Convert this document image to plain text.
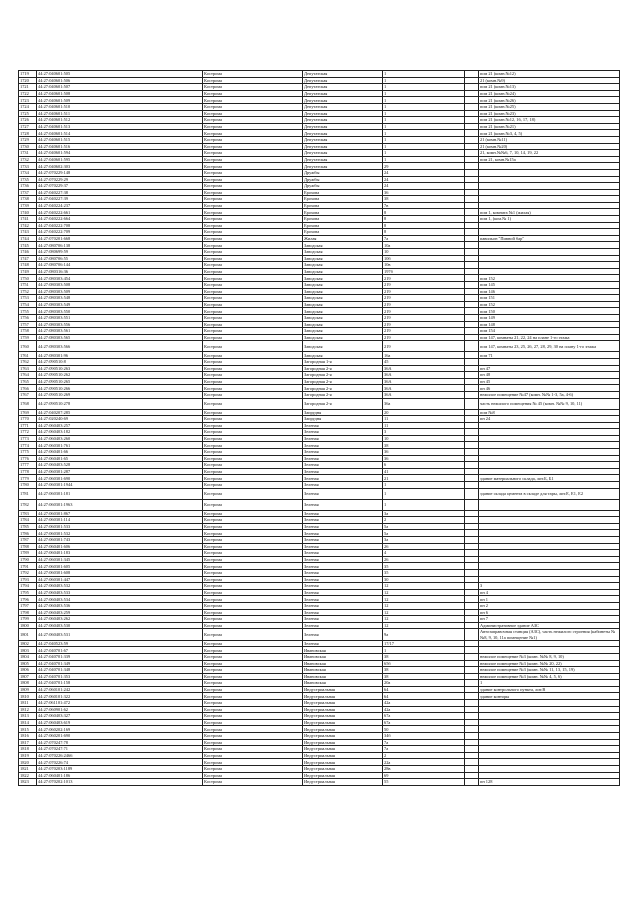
1719	44:27:040601:505	Кострома	Депутатская	1		пом 21 (комн.№12)
1720	44:27:040601:506	Кострома	Депутатская	1		21 (комн.№9)
1721	44:27:040601:507	Кострома	Депутатская	1		пом 21 (комн.№13)
1722	44:27:040601:508	Кострома	Депутатская	1		пом 21 (комн.№24)
1723	44:27:040601:509	Кострома	Депутатская	1		пом 21 (комн.№26)
1724	44:27:040601:510	Кострома	Депутатская	1		пом 21 (комн.№25)
1725	44:27:040601:511	Кострома	Депутатская	1		пом 21 (комн.№23)
1726	44:27:040601:512	Кострома	Депутатская	1		пом 21 (комн.№12, 16, 17, 18)
1727	44:27:040601:513	Кострома	Депутатская	1		пом 21 (комн.№21)
1728	44:27:040601:514	Кострома	Депутатская	1		пом 21 (комн.№3, 4, 5)
1729	44:27:040601:515	Кострома	Депутатская	1		21 (комн.№11)
1730	44:27:040601:516	Кострома	Депутатская	1		21 (комн.№20)
1731	44:27:040601:594	Кострома	Депутатская	1		21, комн.№№6, 7, 10, 14, 19, 22
1732	44:27:040601:595	Кострома	Депутатская	1		пом 21, комн.№15а
1733	44:27:040602:303	Кострома	Депутатская	29		
1734	44:27:070229:148	Кострома	Дружбы	24		
1735	44:27:070229:29	Кострома	Дружбы	24		
1736	44:27:070229:37	Кострома	Дружбы	24		
1737	44:27:040227:38	Кострома	Ерохова	36		
1738	44:27:040227:39	Кострома	Ерохова	38		
1739	44:27:040224:237	Кострома	Ерохова	7в		
1740	44:27:040222:661	Кострома	Ерохова	8		пом 1, комната №1 (жилая)
1741	44:27:040222:664	Кострома	Ерохова	8		пом 1, (ком.№ 1)
1742	44:27:040222:708	Кострома	Ерохова	8		
1743	44:27:040222:709	Кострома	Ерохова	8		
1744	44:27:070201:668	Кострома	Жилая	7а		павильон "Пивной бар"
1745	44:27:080706:138	Кострома	Заводская	10а		
1746	44:27:080699:59	Кострома	Заводская	10		
1747	44:27:080706:55	Кострома	Заводская	10б		
1748	44:27:080706:144	Кострома	Заводская	10в		
1749	44:27:080316:36	Кострома	Заводская	197б		
1750	44:27:080303:454	Кострома	Заводская	219		пом 152
1751	44:27:080303:508	Кострома	Заводская	219		пом 145
1752	44:27:080303:509	Кострома	Заводская	219		пом 146
1753	44:27:080303:548	Кострома	Заводская	219		пом 151
1754	44:27:080303:549	Кострома	Заводская	219		пом 152
1755	44:27:080303:550	Кострома	Заводская	219		пом 150
1756	44:27:080303:551	Кострома	Заводская	219		пом 149
1757	44:27:080303:556	Кострома	Заводская	219		пом 148
1758	44:27:080303:561	Кострома	Заводская	219		пом 154
1759	44:27:080303:565	Кострома	Заводская	219		пом 147, комнаты 21, 22, 24 на плане 1-го этажа
1760	44:27:080303:566	Кострома	Заводская	219		пом 147, комнаты 23, 25, 26, 27, 28, 29, 30 на плану 1-го этажа
1761	44:27:080301:96	Кострома	Заводская	16а		пом 71
1762	44:27:090510:8	Кострома	Загородная 1-я	45		
1763	44:27:090510:263	Кострома	Загородная 2-я	36А		пн 47
1764	44:27:090510:262	Кострома	Загородная 2-я	36А		пн 48
1765	44:27:090510:265	Кострома	Загородная 2-я	36А		пн 45
1766	44:27:090510:266	Кострома	Загородная 2-я	36А		пн 46
1767	44:27:090510:269	Кострома	Загородная 2-я	36А		нежилое помещение №47 (комн. №№ 1-3, 5а, 4-6)
1768	44:27:090510:278	Кострома	Загородная 2-я	36а		часть нежилого помещения № 45 (комн. №№ 9, 10, 11)
1769	44:27:040207:285	Кострома	Запрудня	20		пом №8
1770	44:27:020240:69	Кострома	Запрудня	11		пн 24
1771	44:27:060403:257	Кострома	Зеленая	11		
1772	44:27:060403:182	Кострома	Зеленая	3		
1773	44:27:060403:260	Кострома	Зеленая	10		
1774	44:27:060301:761	Кострома	Зеленая	38		
1775	44:27:060401:66	Кострома	Зеленая	36		
1776	44:27:060401:65	Кострома	Зеленая	36		
1777	44:27:060403:528	Кострома	Зеленая	6		
1778	44:27:060301:287	Кострома	Зеленая	41		
1779	44:27:060301:690	Кострома	Зеленая	21		здание материального склада, лит.Б, Б1
1780	44:27:060301:1944	Кострома	Зеленая	1		
1781	44:27:060301:181	Кострома	Зеленая	1		здание склада цемента в складе для тары, лит.Е, Е1, Е2
1782	44:27:060301:1963	Кострома	Зеленая	1		
1783	44:27:060301:867	Кострома	Зеленая	3а		
1784	44:27:060301:114	Кострома	Зеленая	2		
1785	44:27:060301:533	Кострома	Зеленая	5а		
1786	44:27:060301:532	Кострома	Зеленая	5а		
1787	44:27:060301:743	Кострома	Зеленая	3а		
1788	44:27:060401:606	Кострома	Зеленая	26		
1789	44:27:060401:183	Кострома	Зеленая	4		
1790	44:27:060301:345	Кострома	Зеленая	26		
1791	44:27:060301:605	Кострома	Зеленая	35		
1792	44:27:060301:608	Кострома	Зеленая	35		
1793	44:27:060301:447	Кострома	Зеленая	30		
1794	44:27:060403:532	Кострома	Зеленая	12		3
1795	44:27:060403:533	Кострома	Зеленая	12		пн 4
1796	44:27:060403:534	Кострома	Зеленая	12		пн 1
1797	44:27:060403:536	Кострома	Зеленая	12		пн 2
1798	44:27:060403:259	Кострома	Зеленая	12		пн 6
1799	44:27:060403:262	Кострома	Зеленая	12		пн 7
1800	44:27:060403:530	Кострома	Зеленая	12		Административное здание АЗС
1801	44:27:060403:531	Кострома	Зеленая	9а		Автозаправочная станция (АЗС), часть нежилого строения (кабинеты №№8, 9, 10, 11а помещение №1)
1802	44:27:040523:59	Кострома	Зеленая	17/17		
1803	44:27:040701:67	Кострома	Ивановская	1		
1804	44:27:040701:339	Кострома	Ивановская	38		нежилое помещение №3 (комн. №№ 8, 9, 10)
1805	44:27:040701:349	Кострома	Ивановская	65б		нежилое помещение №3 (комн. №№ 20, 22)
1806	44:27:040701:348	Кострома	Ивановская	38		нежилое помещение №3 (комн. №№ 11, 13, 15, 19)
1807	44:27:040701:353	Кострома	Ивановская	38		нежилое помещение №3 (комн. №№ 4, 5, 6)
1808	44:27:040701:158	Кострома	Ивановская	20а		1
1809	44:27:060101:242	Кострома	Индустриальная	64		здание контрольного пункта, лит.В
1810	44:27:060101:322	Кострома	Индустриальная	64		здание конторы
1811	44:27:061101:472	Кострома	Индустриальная	42а		
1812	44:27:060901:62	Кострома	Индустриальная	42а		
1813	44:27:060403:327	Кострома	Индустриальная	67а		
1814	44:27:060403:619	Кострома	Индустриальная	67а		
1815	44:27:060202:169	Кострома	Индустриальная	50		
1816	44:27:060201:690	Кострома	Индустриальная	34б		
1817	44:27:070247:78	Кострома	Индустриальная	7а		
1818	44:27:070247:71	Кострома	Индустриальная	7а		
1819	44:27:070226:2466	Кострома	Индустриальная	2		
1820	44:27:070226:74	Кострома	Индустриальная	22а		
1821	44:27:070203:1189	Кострома	Индустриальная	28в		
1822	44:27:060401:186	Кострома	Индустриальная	69		
1823	44:27:070202:1013	Кострома	Индустриальная	55		пн 128
